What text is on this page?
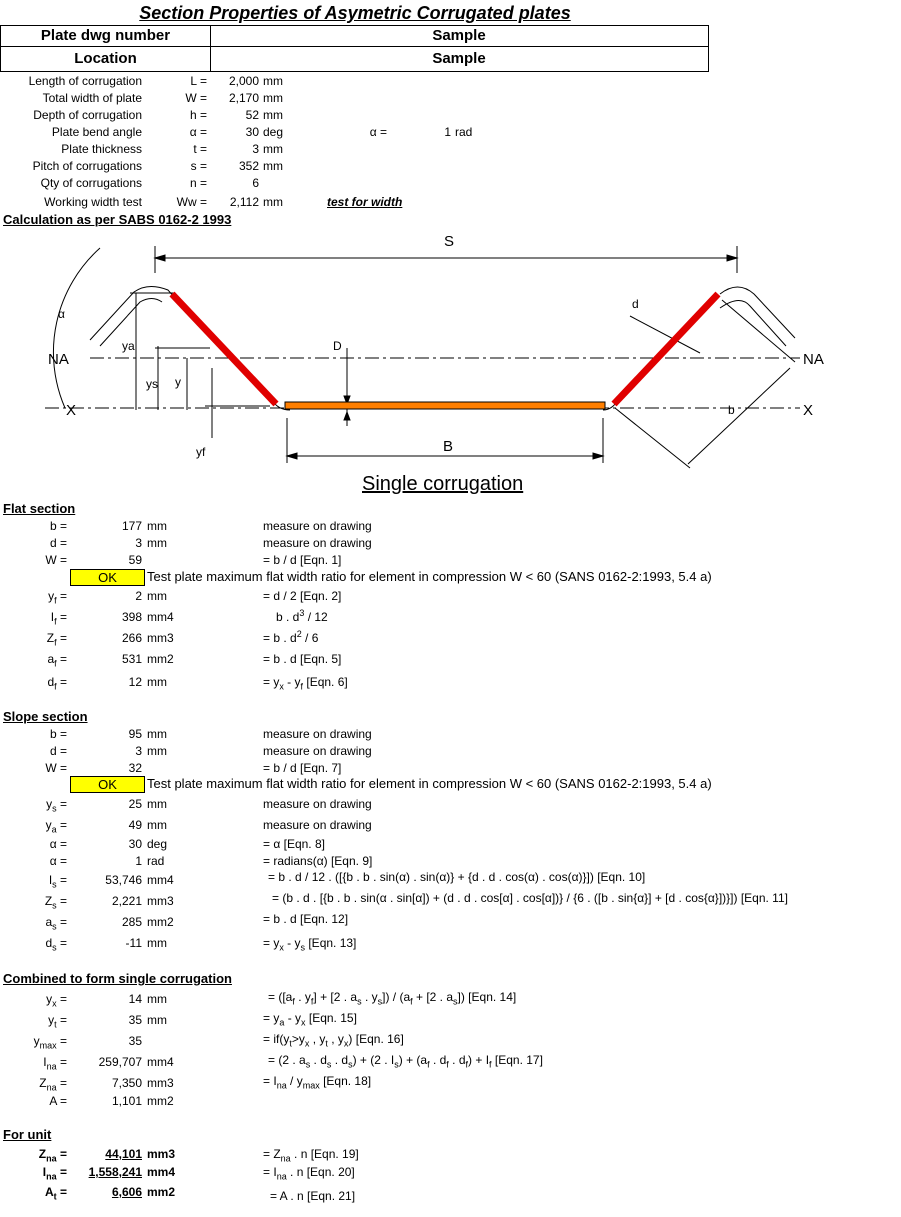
Section Properties of Asymetric Corrugated plates
Plate dwg number	Sample
Location	Sample
Length of corrugation	L = 2,000 mm
Total width of plate	W = 2,170 mm
Depth of corrugation	h =	52 mm
Plate bend angle	α =	30 deg	α =	1 rad
Plate thickness	t =	3 mm
Pitch of corrugations	s =	352 mm
Qty of corrugations	n =	6
Working width test	Ww = 2,112 mm	test for width
Calculation as per SABS 0162-2 1993
S
NA	NA
X	X
B
D
d
b
ya
ys y
yf
α
Single corrugation
Flat section
b =	177 mm	measure on drawing
d =	3 mm	measure on drawing
W =	59	= b / d [Eqn. 1]
OK	Test plate maximum flat width ratio for element in compression W < 60 (SANS 0162-2:1993, 5.4 a)
$y_f$ =	2 mm	= d / 2 [Eqn. 2]
$I_f$ =	398 mm4	b . $d^3 / 12$
$Z_f$ =	266 mm3	= b . $d^2 / 6$
$a_f$ =	531 mm2	= b . d [Eqn. 5]
$d_f$ =	12 mm	= $y_x - y_f$ [Eqn. 6]
Slope section
b =	95 mm	measure on drawing
d =	3 mm	measure on drawing
W =	32	= b / d [Eqn. 7]
OK	Test plate maximum flat width ratio for element in compression W < 60 (SANS 0162-2:1993, 5.4 a)
$y_s$ =	25 mm	measure on drawing
$y_a$ =	49 mm	measure on drawing
α =	30 deg	= α [Eqn. 8]
α =	1 rad	= radians(α) [Eqn. 9]
$I_s$ =	53,746 mm4	= b . d / 12 . ([{b . b . sin(α) . sin(α)} + {d . d . cos(α) . cos(α)}]) [Eqn. 10]
$Z_s$ =	2,221 mm3	= (b . d . [{b . b . sin(α . sin[α]) + (d . d . cos[α] . cos[α])} / {6 . ([b . sin{α}] + [d . cos{α}])}]) [Eqn. 11]
$a_s$ =	285 mm2	= b . d [Eqn. 12]
$d_s$ =	-11 mm	= $y_x - y_s$ [Eqn. 13]
Combined to form single corrugation
$y_x$ =	14 mm	= ([$a_f$ . $y_f] + [2$ . $a_s$ . $y_s]) / (a_f + [2$ . $a_s$]) [Eqn. 14]
$y_t$ =	35 mm	= $y_a - y_x$ [Eqn. 15]
$y_{max}$ =	35	= $if(y_t>y_x$ , $y_t$ , $y_x$) [Eqn. 16]
$I_{na}$ =	259,707 mm4	= (2 . $a_s$ . $d_s$ . $d_s) + (2$ . $I_s) + (a_f$ . $d_f$ . $d_f) + I_f$ [Eqn. 17]
$Z_{na}$ =	7,350 mm3	= $I_{na} / y_{max}$ [Eqn. 18]
A =	1,101 mm2
For unit
$Z_{na}$ =	44,101 mm3	= $Z_{na}$ . n [Eqn. 19]
$I_{na} = 1,558,241$ mm4	= $I_{na}$ . n [Eqn. 20]
$A_t$ =	6,606 mm2	= A . n [Eqn. 21]
